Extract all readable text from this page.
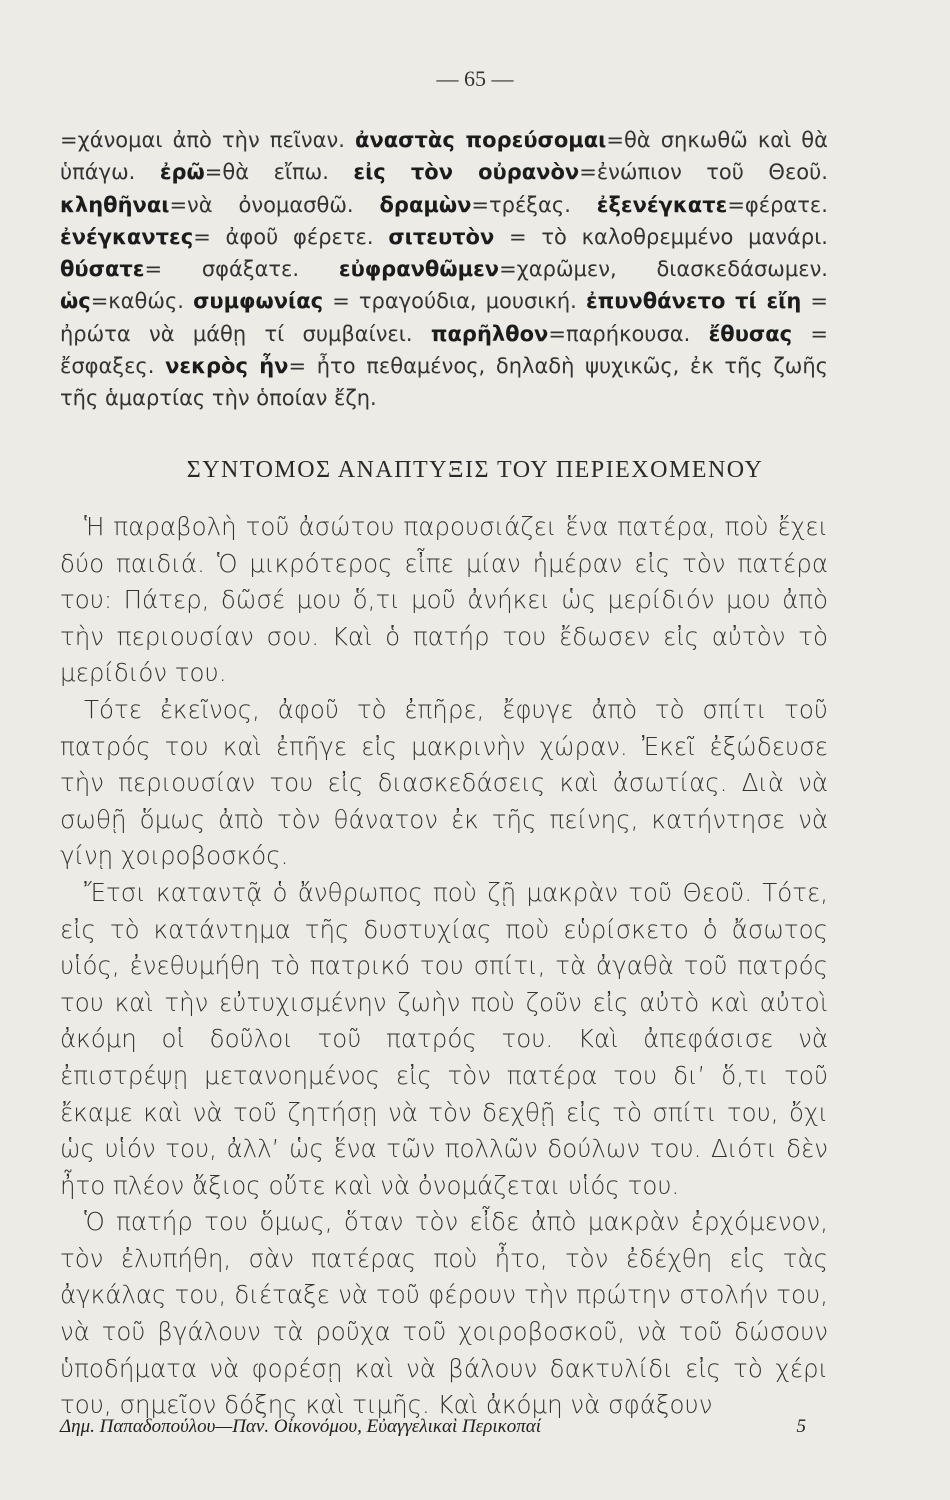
— 65 —
=χάνομαι ἀπὸ τὴν πεῖναν. ἀναστὰς πορεύσομαι=θὰ σηκωθῶ καὶ θὰ ὑπάγω. ἐρῶ=θὰ εἴπω. εἰς τὸν οὐρανὸν=ἐνώπιον τοῦ Θεοῦ. κληθῆναι=νὰ ὀνομασθῶ. δραμὼν=τρέξας. ἐξενέγκατε=φέρατε. ἐνέγκαντες= ἀφοῦ φέρετε. σιτευτὸν = τὸ καλοθρεμμένο μανάρι. θύσατε= σφάξατε. εὐφρανθῶμεν=χαρῶμεν, διασκεδάσωμεν. ὡς=καθώς. συμφωνίας = τραγούδια, μουσική. ἐπυνθάνετο τί εἴη = ἠρώτα νὰ μάθῃ τί συμβαίνει. παρῆλθον=παρήκουσα. ἔθυσας = ἔσφαξες. νεκρὸς ἦν= ἦτο πεθαμένος, δηλαδὴ ψυχικῶς, ἐκ τῆς ζωῆς τῆς ἁμαρτίας τὴν ὁποίαν ἔζη.
ΣΥΝΤΟΜΟΣ ΑΝΑΠΤΥΞΙΣ ΤΟΥ ΠΕΡΙΕΧΟΜΕΝΟΥ

Ἡ παραβολὴ τοῦ ἀσώτου παρουσιάζει ἕνα πατέρα, ποὺ ἔχει δύο παιδιά. Ὁ μικρότερος εἶπε μίαν ἡμέραν εἰς τὸν πατέρα του: Πάτερ, δῶσέ μου ὅ,τι μοῦ ἀνήκει ὡς μερίδιόν μου ἀπὸ τὴν περιουσίαν σου. Καὶ ὁ πατήρ του ἔδωσεν εἰς αὐτὸν τὸ μερίδιόν του.

Τότε ἐκεῖνος, ἀφοῦ τὸ ἐπῆρε, ἔφυγε ἀπὸ τὸ σπίτι τοῦ πατρός του καὶ ἐπῆγε εἰς μακρινὴν χώραν. Ἐκεῖ ἐξώδευσε τὴν περιουσίαν του εἰς διασκεδάσεις καὶ ἀσωτίας. Διὰ νὰ σωθῇ ὅμως ἀπὸ τὸν θάνατον ἐκ τῆς πείνης, κατήντησε νὰ γίνῃ χοιροβοσκός.

Ἔτσι καταντᾷ ὁ ἄνθρωπος ποὺ ζῇ μακρὰν τοῦ Θεοῦ. Τότε, εἰς τὸ κατάντημα τῆς δυστυχίας ποὺ εὑρίσκετο ὁ ἄσωτος υἱός, ἐνεθυμήθη τὸ πατρικό του σπίτι, τὰ ἀγαθὰ τοῦ πατρός του καὶ τὴν εὐτυχισμένην ζωὴν ποὺ ζοῦν εἰς αὐτὸ καὶ αὐτοὶ ἀκόμη οἱ δοῦλοι τοῦ πατρός του. Καὶ ἀπεφάσισε νὰ ἐπιστρέψῃ μετανοημένος εἰς τὸν πατέρα του δι’ ὅ,τι τοῦ ἔκαμε καὶ νὰ τοῦ ζητήσῃ νὰ τὸν δεχθῇ εἰς τὸ σπίτι του, ὄχι ὡς υἱόν του, ἀλλ’ ὡς ἕνα τῶν πολλῶν δούλων του. Διότι δὲν ἦτο πλέον ἄξιος οὔτε καὶ νὰ ὀνομάζεται υἱός του.

Ὁ πατήρ του ὅμως, ὅταν τὸν εἶδε ἀπὸ μακρὰν ἐρχόμενον, τὸν ἐλυπήθη, σὰν πατέρας ποὺ ἦτο, τὸν ἐδέχθη εἰς τὰς ἀγκάλας του, διέταξε νὰ τοῦ φέρουν τὴν πρώτην στολήν του, νὰ τοῦ βγάλουν τὰ ροῦχα τοῦ χοιροβοσκοῦ, νὰ τοῦ δώσουν ὑποδήματα νὰ φορέσῃ καὶ νὰ βάλουν δακτυλίδι εἰς τὸ χέρι του, σημεῖον δόξης καὶ τιμῆς. Καὶ ἀκόμη νὰ σφάξουν

Δημ. Παπαδοπούλου—Παν. Οἰκονόμου, Εὐαγγελικαὶ Περικοπαί	5
